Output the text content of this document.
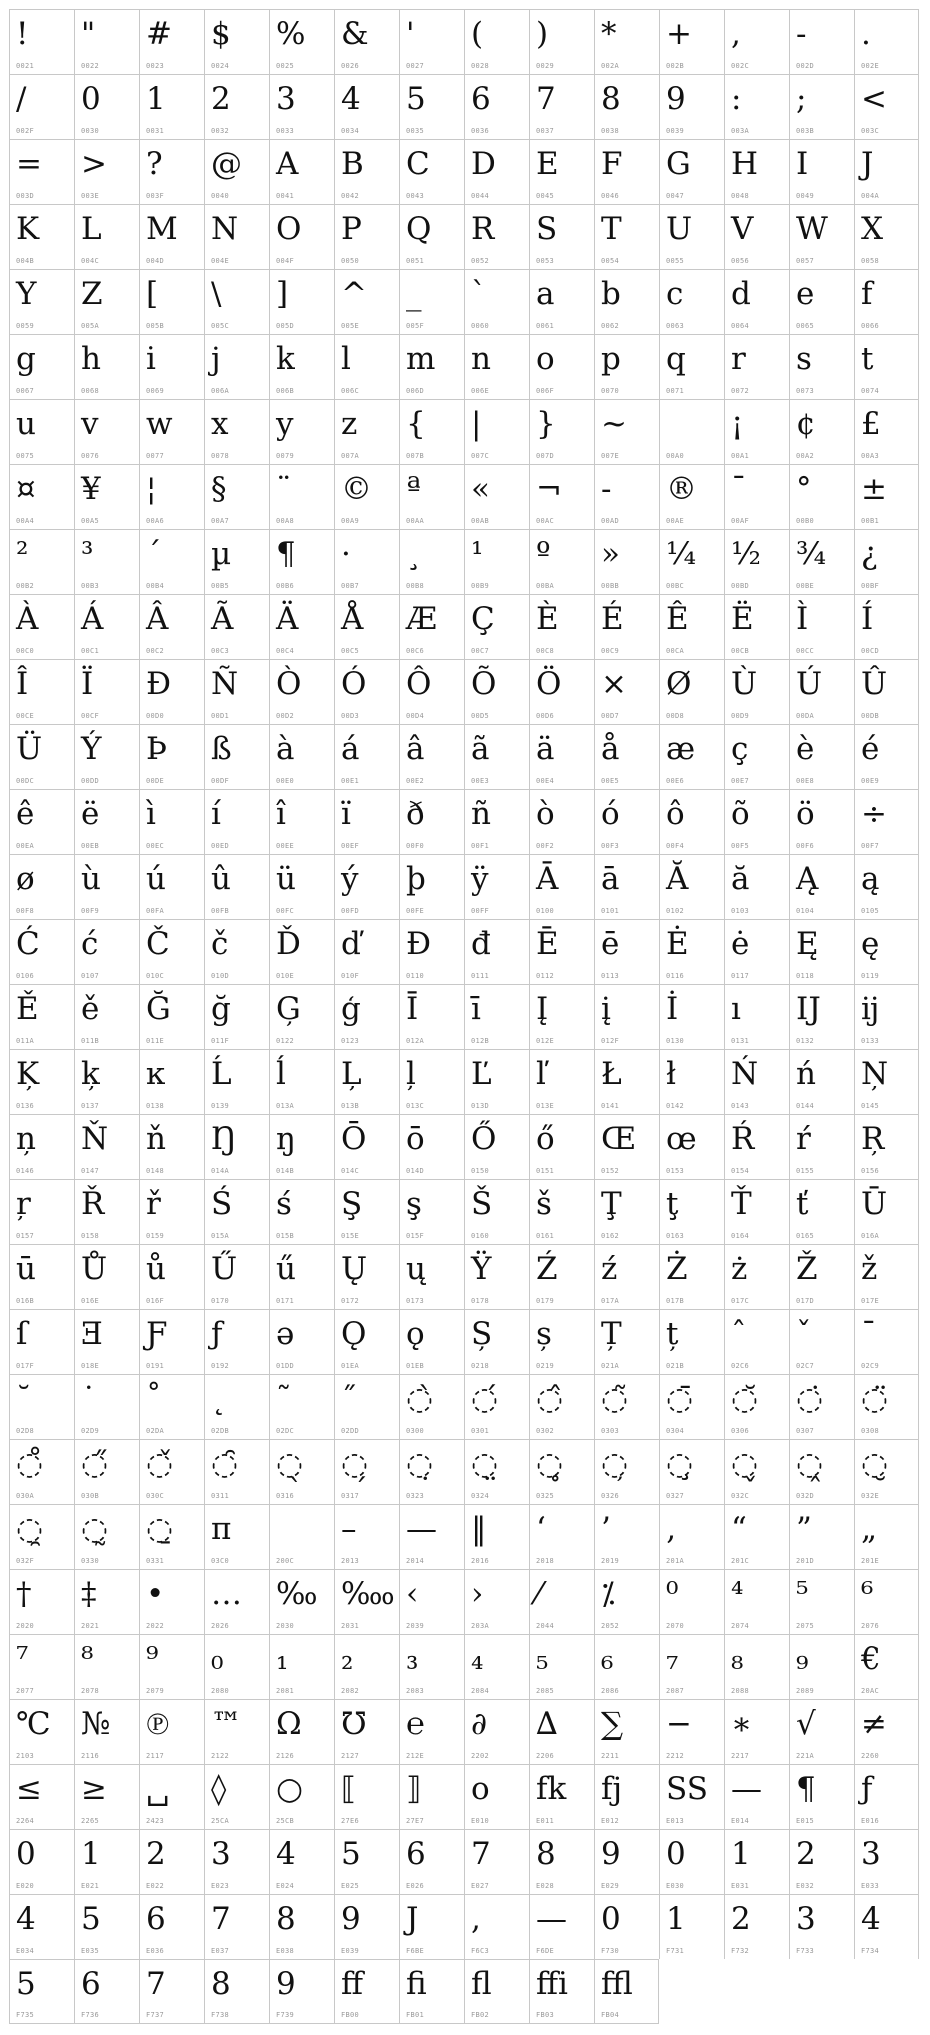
!
0021
"
0022
#
0023
$
0024
%
0025
&
0026
'
0027
(
0028
)
0029
*
002A
+
002B
,
002C
-
002D
.
002E
/
002F
0
0030
1
0031
2
0032
3
0033
4
0034
5
0035
6
0036
7
0037
8
0038
9
0039
:
003A
;
003B
<
003C
=
003D
>
003E
?
003F
@
0040
A
0041
B
0042
C
0043
D
0044
E
0045
F
0046
G
0047
H
0048
I
0049
J
004A
K
004B
L
004C
M
004D
N
004E
O
004F
P
0050
Q
0051
R
0052
S
0053
T
0054
U
0055
V
0056
W
0057
X
0058
Y
0059
Z
005A
[
005B
\
005C
]
005D
^
005E
_
005F
`
0060
a
0061
b
0062
c
0063
d
0064
e
0065
f
0066
g
0067
h
0068
i
0069
j
006A
k
006B
l
006C
m
006D
n
006E
o
006F
p
0070
q
0071
r
0072
s
0073
t
0074
u
0075
v
0076
w
0077
x
0078
y
0079
z
007A
{
007B
|
007C
}
007D
~
007E	00A0
¡
00A1
¢
00A2
£
00A3
¤
00A4
¥
00A5
¦
00A6
§
00A7
¨
00A8
©
00A9
ª
00AA
«
00AB
¬
00AC
-
00AD
®
00AE
¯
00AF
°
00B0
±
00B1
²
00B2
³
00B3
´
00B4
µ
00B5
¶
00B6
·
00B7
¸
00B8
¹
00B9
º
00BA
»
00BB
¼
00BC
½
00BD
¾
00BE
¿
00BF
À
00C0
Á
00C1
Â
00C2
Ã
00C3
Ä
00C4
Å
00C5
Æ
00C6
Ç
00C7
È
00C8
É
00C9
Ê
00CA
Ë
00CB
Ì
00CC
Í
00CD
Î
00CE
Ï
00CF
Ð
00D0
Ñ
00D1
Ò
00D2
Ó
00D3
Ô
00D4
Õ
00D5
Ö
00D6
×
00D7
Ø
00D8
Ù
00D9
Ú
00DA
Û
00DB
Ü
00DC
Ý
00DD
Þ
00DE
ß
00DF
à
00E0
á
00E1
â
00E2
ã
00E3
ä
00E4
å
00E5
æ
00E6
ç
00E7
è
00E8
é
00E9
ê
00EA
ë
00EB
ì
00EC
í
00ED
î
00EE
ï
00EF
ð
00F0
ñ
00F1
ò
00F2
ó
00F3
ô
00F4
õ
00F5
ö
00F6
÷
00F7
ø
00F8
ù
00F9
ú
00FA
û
00FB
ü
00FC
ý
00FD
þ
00FE
ÿ
00FF
Ā
0100
ā
0101
Ă
0102
ă
0103
Ą
0104
ą
0105
Ć
0106
ć
0107
Č
010C
č
010D
Ď
010E
ď
010F
Đ
0110
đ
0111
Ē
0112
ē
0113
Ė
0116
ė
0117
Ę
0118
ę
0119
Ě
011A
ě
011B
Ğ
011E
ğ
011F
Ģ
0122
ģ
0123
Ī
012A
ī
012B
Į
012E
į
012F
İ
0130
ı
0131
Ĳ
0132
ĳ
0133
Ķ
0136
ķ
0137
ĸ
0138
Ĺ
0139
ĺ
013A
Ļ
013B
ļ
013C
Ľ
013D
ľ
013E
Ł
0141
ł
0142
Ń
0143
ń
0144
Ņ
0145
ņ
0146
Ň
0147
ň
0148
Ŋ
014A
ŋ
014B
Ō
014C
ō
014D
Ő
0150
ő
0151
Œ
0152
œ
0153
Ŕ
0154
ŕ
0155
Ŗ
0156
ŗ
0157
Ř
0158
ř
0159
Ś
015A
ś
015B
Ş
015E
ş
015F
Š
0160
š
0161
Ţ
0162
ţ
0163
Ť
0164
ť
0165
Ū
016A
ū
016B
Ů
016E
ů
016F
Ű
0170
ű
0171
Ų
0172
ų
0173
Ÿ
0178
Ź
0179
ź
017A
Ż
017B
ż
017C
Ž
017D
ž
017E
ſ
017F
Ǝ
018E
Ƒ
0191
ƒ
0192
ǝ
01DD
Ǫ
01EA
ǫ
01EB
Ș
0218
ș
0219
Ț
021A
ț
021B
ˆ
02C6
ˇ
02C7
ˉ
02C9
˘
02D8
˙
02D9
˚
02DA
˛
02DB
˜
02DC
˝
02DD
◌̀
0300
◌́
0301
◌̂
0302
◌̃
0303
◌̄
0304
◌̆
0306
◌̇
0307
◌̈
0308
◌̊
030A
◌̋
030B
◌̌
030C
◌̑
0311
◌̖
0316
◌̗
0317
◌̣
0323
◌̤
0324
◌̥
0325
◌̦
0326
◌̧
0327
◌̬
032C
◌̭
032D
◌̮
032E
◌̯
032F
◌̰
0330
◌̱
0331
π
03C0	200C
–
2013
—
2014
‖
2016
‘
2018
’
2019
‚
201A
“
201C
”
201D
„
201E
†
2020
‡
2021
•
2022
…
2026
‰
2030
‱
2031
‹
2039
›
203A
⁄
2044
⁒
2052
⁰
2070
⁴
2074
⁵
2075
⁶
2076
⁷
2077
⁸
2078
⁹
2079
₀
2080
₁
2081
₂
2082
₃
2083
₄
2084
₅
2085
₆
2086
₇
2087
₈
2088
₉
2089
€
20AC
℃
2103
№
2116
℗
2117
™
2122
Ω
2126
℧
2127
℮
212E
∂
2202
∆
2206
∑
2211
−
2212
∗
2217
√
221A
≠
2260
≤
2264
≥
2265
␣
2423
◊
25CA
○
25CB
⟦
27E6
⟧
27E7
o
E010
fk
E011
fj
E012
SS
E013
—
E014
¶
E015
ƒ
E016
0
E020
1
E021
2
E022
3
E023
4
E024
5
E025
6
E026
7
E027
8
E028
9
E029
0
E030
1
E031
2
E032
3
E033
4
E034
5
E035
6
E036
7
E037
8
E038
9
E039
J
F6BE
,
F6C3
—
F6DE
0
F730
1
F731
2
F732
3
F733
4
F734
5
F735
6
F736
7
F737
8
F738
9
F739
ff
FB00
fi
FB01
fl
FB02
ffi
FB03
ffl
FB04
